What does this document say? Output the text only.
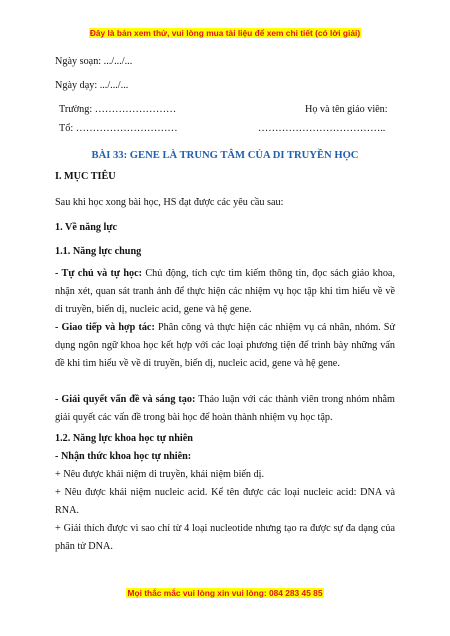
Đây là bản xem thử, vui lòng mua tài liệu để xem chi tiết (có lời giải)
Ngày soạn: .../.../...
Ngày dạy: .../.../...
Trường: ……………………	Họ và tên giáo viên:
Tổ: …………………………	………………………………..
BÀI 33: GENE LÀ TRUNG TÂM CỦA DI TRUYỀN HỌC
I. MỤC TIÊU
Sau khi học xong bài học, HS đạt được các yêu cầu sau:
1. Về năng lực
1.1. Năng lực chung
- Tự chủ và tự học: Chủ động, tích cực tìm kiếm thông tin, đọc sách giáo khoa, nhận xét, quan sát tranh ảnh để thực hiện các nhiệm vụ học tập khi tìm hiểu về về di truyền, biến dị, nucleic acid, gene và hệ gene.
- Giao tiếp và hợp tác: Phân công và thực hiện các nhiệm vụ cá nhân, nhóm. Sử dụng ngôn ngữ khoa học kết hợp với các loại phương tiện để trình bày những vấn đề khi tìm hiểu về về di truyền, biến dị, nucleic acid, gene và hệ gene.
- Giải quyết vấn đề và sáng tạo: Thảo luận với các thành viên trong nhóm nhằm giải quyết các vấn đề trong bài học để hoàn thành nhiệm vụ học tập.
1.2. Năng lực khoa học tự nhiên
- Nhận thức khoa học tự nhiên:
+ Nêu được khái niệm di truyền, khái niệm biến dị.
+ Nêu được khái niệm nucleic acid. Kể tên được các loại nucleic acid: DNA và RNA.
+ Giải thích được vì sao chỉ từ 4 loại nucleotide nhưng tạo ra được sự đa dạng của phân tử DNA.
Mọi thắc mắc vui lòng xin vui lòng: 084 283 45 85
